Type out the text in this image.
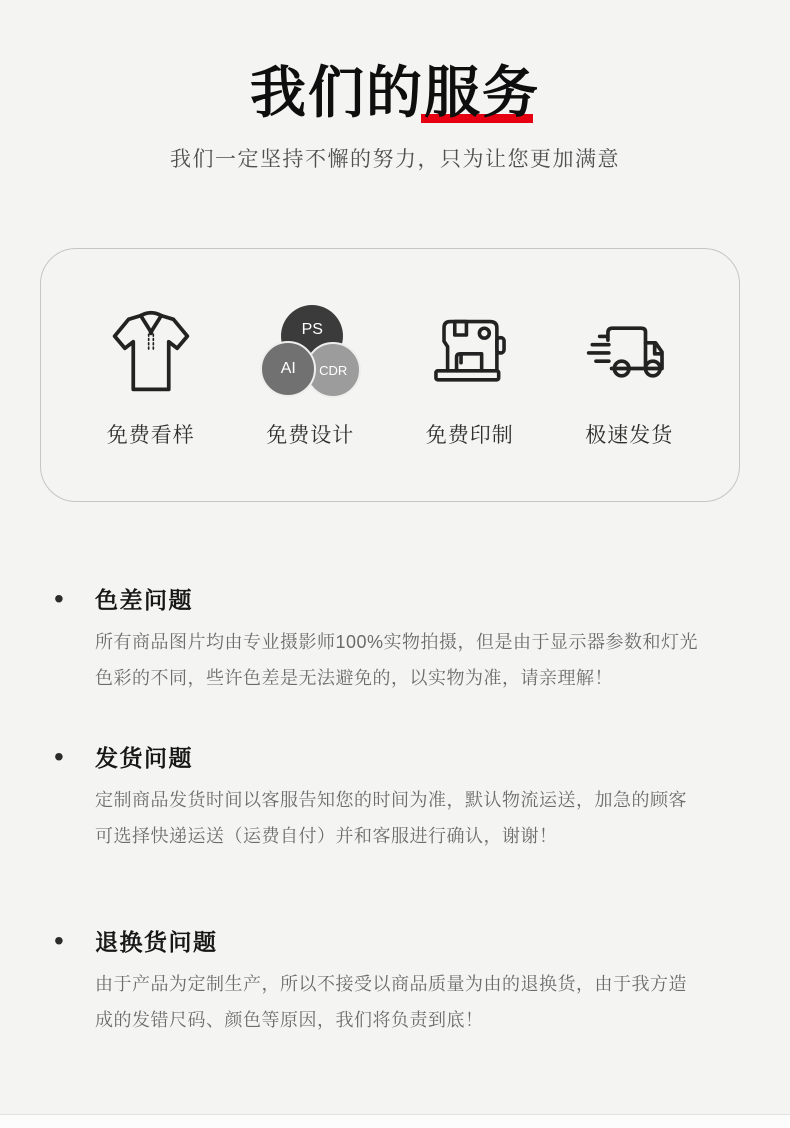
我们的服务

我们一定坚持不懈的努力，只为让您更加满意

免费看样
PS
CDR
AI
免费设计	免费印制	极速发货
•	色差问题

所有商品图片均由专业摄影师100%实物拍摄，但是由于显示器参数和灯光色彩的不同，些许色差是无法避免的，以实物为准，请亲理解！

•	发货问题

定制商品发货时间以客服告知您的时间为准，默认物流运送，加急的顾客可选择快递运送（运费自付）并和客服进行确认，谢谢！

•	退换货问题

由于产品为定制生产，所以不接受以商品质量为由的退换货，由于我方造成的发错尺码、颜色等原因，我们将负责到底！
